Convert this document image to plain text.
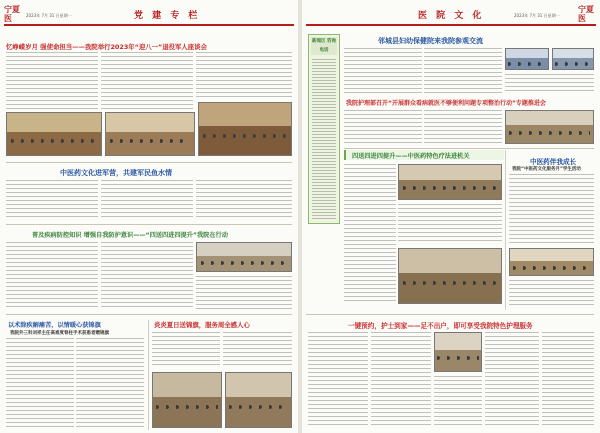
宁夏医	2023年 7月 31 日星期一	党 建 专 栏
忆峥嵘岁月 强使命担当——我院举行2023年“迎八一”退役军人座谈会
中医药文化进军营，共建军民鱼水情
普及疾病防控知识 增强自我防护意识——“四送四进四提升”我院在行动
以术除疾解痛苦，以情暖心获锦旗
我院外三科刘祥主任高难度脊柱手术获患者赠锦旗
炎炎夏日送锦旗，服务周全感人心
医 院 文 化	2023年 7月 31 日星期一
宁夏医
新闻区 咨询电话
邻城县妇幼保健院来我院参观交流
我院护理部召开“开展群众看病就医不够便利问题专项整治行动”专题推进会
四送四进四提升——中医药特色疗法进机关
中医药伴我成长
我院“中医药文化服务月”学生活动
一键预约，护士到家——足不出户，即可享受我院特色护理服务
